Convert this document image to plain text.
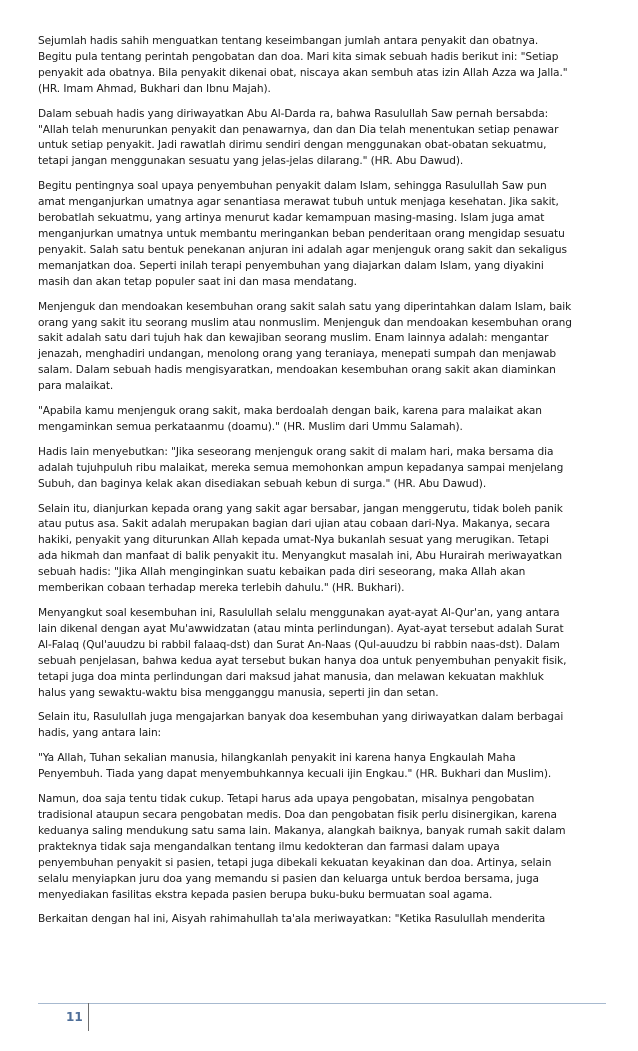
Sejumlah hadis sahih menguatkan tentang keseimbangan jumlah antara penyakit dan obatnya.
Begitu pula tentang perintah pengobatan dan doa. Mari kita simak sebuah hadis berikut ini: "Setiap
penyakit ada obatnya. Bila penyakit dikenai obat, niscaya akan sembuh atas izin Allah Azza wa Jalla."
(HR. Imam Ahmad, Bukhari dan Ibnu Majah).

Dalam sebuah hadis yang diriwayatkan Abu Al-Darda ra, bahwa Rasulullah Saw pernah bersabda:
"Allah telah menurunkan penyakit dan penawarnya, dan dan Dia telah menentukan setiap penawar
untuk setiap penyakit. Jadi rawatlah dirimu sendiri dengan menggunakan obat-obatan sekuatmu,
tetapi jangan menggunakan sesuatu yang jelas-jelas dilarang." (HR. Abu Dawud).

Begitu pentingnya soal upaya penyembuhan penyakit dalam Islam, sehingga Rasulullah Saw pun
amat menganjurkan umatnya agar senantiasa merawat tubuh untuk menjaga kesehatan. Jika sakit,
berobatlah sekuatmu, yang artinya menurut kadar kemampuan masing-masing. Islam juga amat
menganjurkan umatnya untuk membantu meringankan beban penderitaan orang mengidap sesuatu
penyakit. Salah satu bentuk penekanan anjuran ini adalah agar menjenguk orang sakit dan sekaligus
memanjatkan doa. Seperti inilah terapi penyembuhan yang diajarkan dalam Islam, yang diyakini
masih dan akan tetap populer saat ini dan masa mendatang.

Menjenguk dan mendoakan kesembuhan orang sakit salah satu yang diperintahkan dalam Islam, baik
orang yang sakit itu seorang muslim atau nonmuslim. Menjenguk dan mendoakan kesembuhan orang
sakit adalah satu dari tujuh hak dan kewajiban seorang muslim. Enam lainnya adalah: mengantar
jenazah, menghadiri undangan, menolong orang yang teraniaya, menepati sumpah dan menjawab
salam. Dalam sebuah hadis mengisyaratkan, mendoakan kesembuhan orang sakit akan diaminkan
para malaikat.

"Apabila kamu menjenguk orang sakit, maka berdoalah dengan baik, karena para malaikat akan
mengaminkan semua perkataanmu (doamu)." (HR. Muslim dari Ummu Salamah).

Hadis lain menyebutkan: "Jika seseorang menjenguk orang sakit di malam hari, maka bersama dia
adalah tujuhpuluh ribu malaikat, mereka semua memohonkan ampun kepadanya sampai menjelang
Subuh, dan baginya kelak akan disediakan sebuah kebun di surga." (HR. Abu Dawud).

Selain itu, dianjurkan kepada orang yang sakit agar bersabar, jangan menggerutu, tidak boleh panik
atau putus asa. Sakit adalah merupakan bagian dari ujian atau cobaan dari-Nya. Makanya, secara
hakiki, penyakit yang diturunkan Allah kepada umat-Nya bukanlah sesuat yang merugikan. Tetapi
ada hikmah dan manfaat di balik penyakit itu. Menyangkut masalah ini, Abu Hurairah meriwayatkan
sebuah hadis: "Jika Allah menginginkan suatu kebaikan pada diri seseorang, maka Allah akan
memberikan cobaan terhadap mereka terlebih dahulu." (HR. Bukhari).

Menyangkut soal kesembuhan ini, Rasulullah selalu menggunakan ayat-ayat Al-Qur'an, yang antara
lain dikenal dengan ayat Mu'awwidzatan (atau minta perlindungan). Ayat-ayat tersebut adalah Surat
Al-Falaq (Qul'auudzu bi rabbil falaaq-dst) dan Surat An-Naas (Qul-auudzu bi rabbin naas-dst). Dalam
sebuah penjelasan, bahwa kedua ayat tersebut bukan hanya doa untuk penyembuhan penyakit fisik,
tetapi juga doa minta perlindungan dari maksud jahat manusia, dan melawan kekuatan makhluk
halus yang sewaktu-waktu bisa mengganggu manusia, seperti jin dan setan.

Selain itu, Rasulullah juga mengajarkan banyak doa kesembuhan yang diriwayatkan dalam berbagai
hadis, yang antara lain:

"Ya Allah, Tuhan sekalian manusia, hilangkanlah penyakit ini karena hanya Engkaulah Maha
Penyembuh. Tiada yang dapat menyembuhkannya kecuali ijin Engkau." (HR. Bukhari dan Muslim).

Namun, doa saja tentu tidak cukup. Tetapi harus ada upaya pengobatan, misalnya pengobatan
tradisional ataupun secara pengobatan medis. Doa dan pengobatan fisik perlu disinergikan, karena
keduanya saling mendukung satu sama lain. Makanya, alangkah baiknya, banyak rumah sakit dalam
prakteknya tidak saja mengandalkan tentang ilmu kedokteran dan farmasi dalam upaya
penyembuhan penyakit si pasien, tetapi juga dibekali kekuatan keyakinan dan doa. Artinya, selain
selalu menyiapkan juru doa yang memandu si pasien dan keluarga untuk berdoa bersama, juga
menyediakan fasilitas ekstra kepada pasien berupa buku-buku bermuatan soal agama.

Berkaitan dengan hal ini, Aisyah rahimahullah ta'ala meriwayatkan: "Ketika Rasulullah menderita

11
